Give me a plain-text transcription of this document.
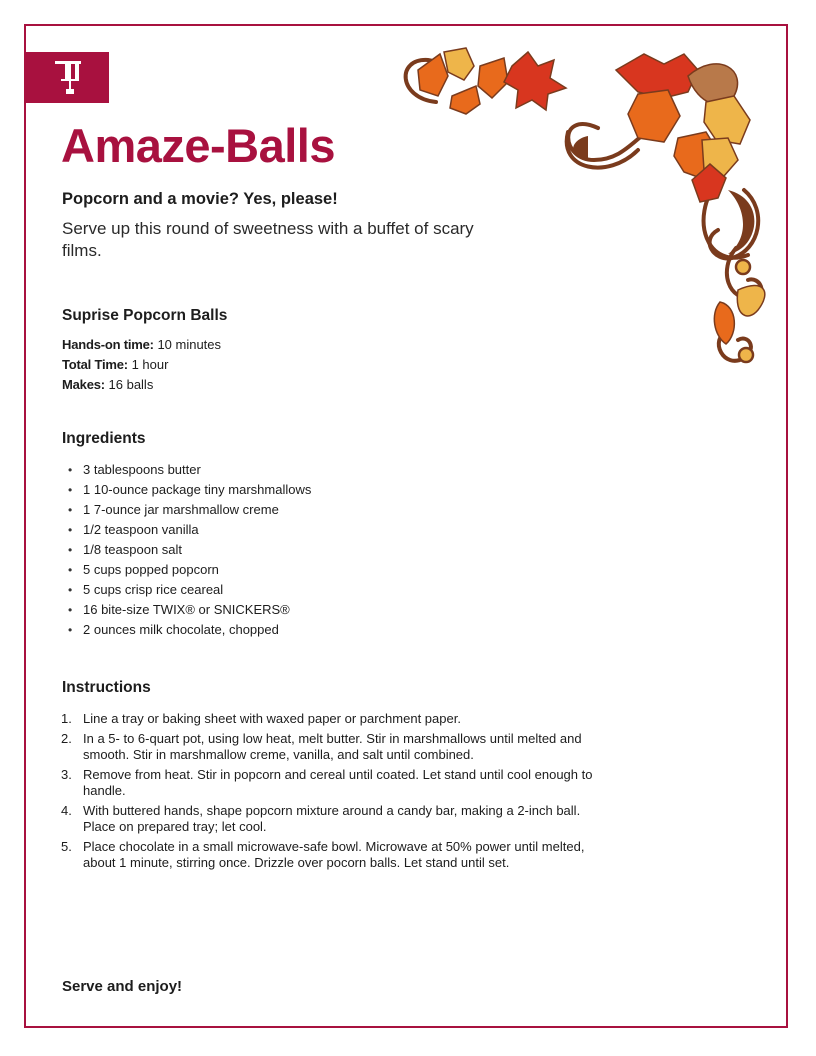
Amaze-Balls

Popcorn and a movie? Yes, please!

Serve up this round of sweetness with a buffet of scary films.

Suprise Popcorn Balls
Hands-on time: 10 minutes
Total Time: 1 hour
Makes: 16 balls
Ingredients
• 3 tablespoons butter
• 1 10-ounce package tiny marshmallows
• 1 7-ounce jar marshmallow creme
• 1/2 teaspoon vanilla
• 1/8 teaspoon salt
• 5 cups popped popcorn
• 5 cups crisp rice ceareal
• 16 bite-size TWIX® or SNICKERS®
• 2 ounces milk chocolate, chopped
Instructions
1. Line a tray or baking sheet with waxed paper or parchment paper.
2. In a 5- to 6-quart pot, using low heat, melt butter. Stir in marshmallows until melted and smooth. Stir in marshmallow creme, vanilla, and salt until combined.
3. Remove from heat. Stir in popcorn and cereal until coated. Let stand until cool enough to handle.
4. With buttered hands, shape popcorn mixture around a candy bar, making a 2-inch ball. Place on prepared tray; let cool.
5. Place chocolate in a small microwave-safe bowl. Microwave at 50% power until melted, about 1 minute, stirring once. Drizzle over pocorn balls. Let stand until set.

Serve and enjoy!
